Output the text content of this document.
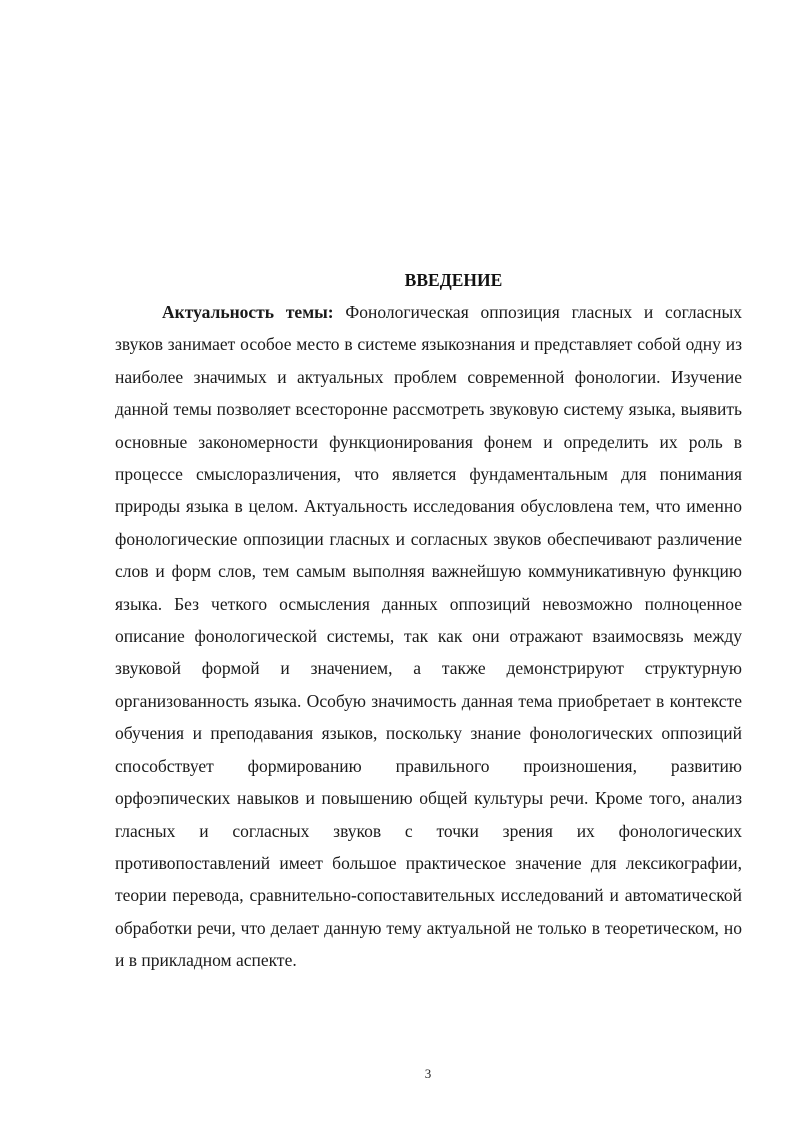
ВВЕДЕНИЕ

Актуальность темы: Фонологическая оппозиция гласных и согласных звуков занимает особое место в системе языкознания и представляет собой одну из наиболее значимых и актуальных проблем современной фонологии. Изучение данной темы позволяет всесторонне рассмотреть звуковую систему языка, выявить основные закономерности функционирования фонем и определить их роль в процессе смыслоразличения, что является фундаментальным для понимания природы языка в целом. Актуальность исследования обусловлена тем, что именно фонологические оппозиции гласных и согласных звуков обеспечивают различение слов и форм слов, тем самым выполняя важнейшую коммуникативную функцию языка. Без четкого осмысления данных оппозиций невозможно полноценное описание фонологической системы, так как они отражают взаимосвязь между звуковой формой и значением, а также демонстрируют структурную организованность языка. Особую значимость данная тема приобретает в контексте обучения и преподавания языков, поскольку знание фонологических оппозиций способствует формированию правильного произношения, развитию орфоэпических навыков и повышению общей культуры речи. Кроме того, анализ гласных и согласных звуков с точки зрения их фонологических противопоставлений имеет большое практическое значение для лексикографии, теории перевода, сравнительно-сопоставительных исследований и автоматической обработки речи, что делает данную тему актуальной не только в теоретическом, но и в прикладном аспекте.

3
